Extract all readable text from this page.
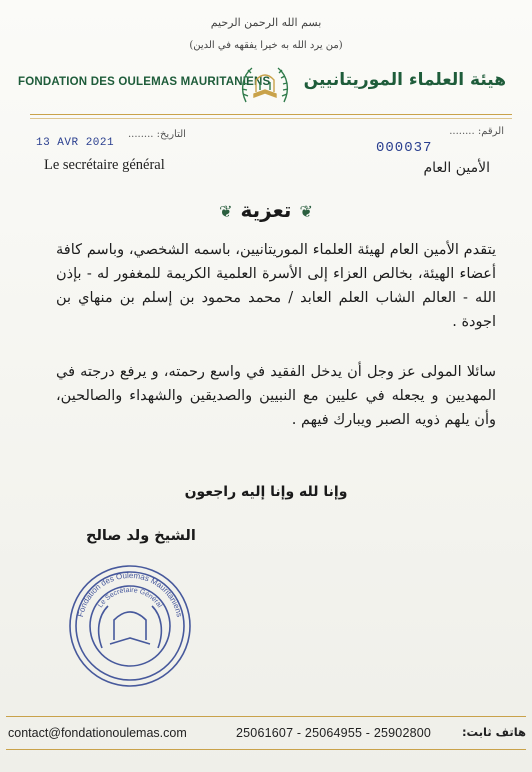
بسم الله الرحمن الرحيم
(من يرد الله به خيرا يفقهه في الدين)
FONDATION DES OULEMAS MAURITANIENS هيئة العلماء الموريتانيين
التاريخ: ........
13 AVR 2021
Le secrétaire général
الرقم: ........
000037
الأمين العام
❦تعزية❦
يتقدم الأمين العام لهيئة العلماء الموريتانيين، باسمه الشخصي، وباسم كافة أعضاء الهيئة، بخالص العزاء إلى الأسرة العلمية الكريمة للمغفور له - بإذن الله - العالم الشاب العلم العابد / محمد محمود بن إسلم بن منهاي بن اجودة .
سائلا المولى عز وجل أن يدخل الفقيد في واسع رحمته، و يرفع درجته في المهديين و يجعله في عليين مع النبيين والصديقين والشهداء والصالحين، وأن يلهم ذويه الصبر ويبارك فيهم .
وإنا لله وإنا إليه راجعون
الشيخ ولد صالح
Fondation des Oulemas Mauritaniens
Le Secrétaire Général
contact@fondationoulemas.com	25061607 - 25064955 - 25902800	هاتف ثابت:
